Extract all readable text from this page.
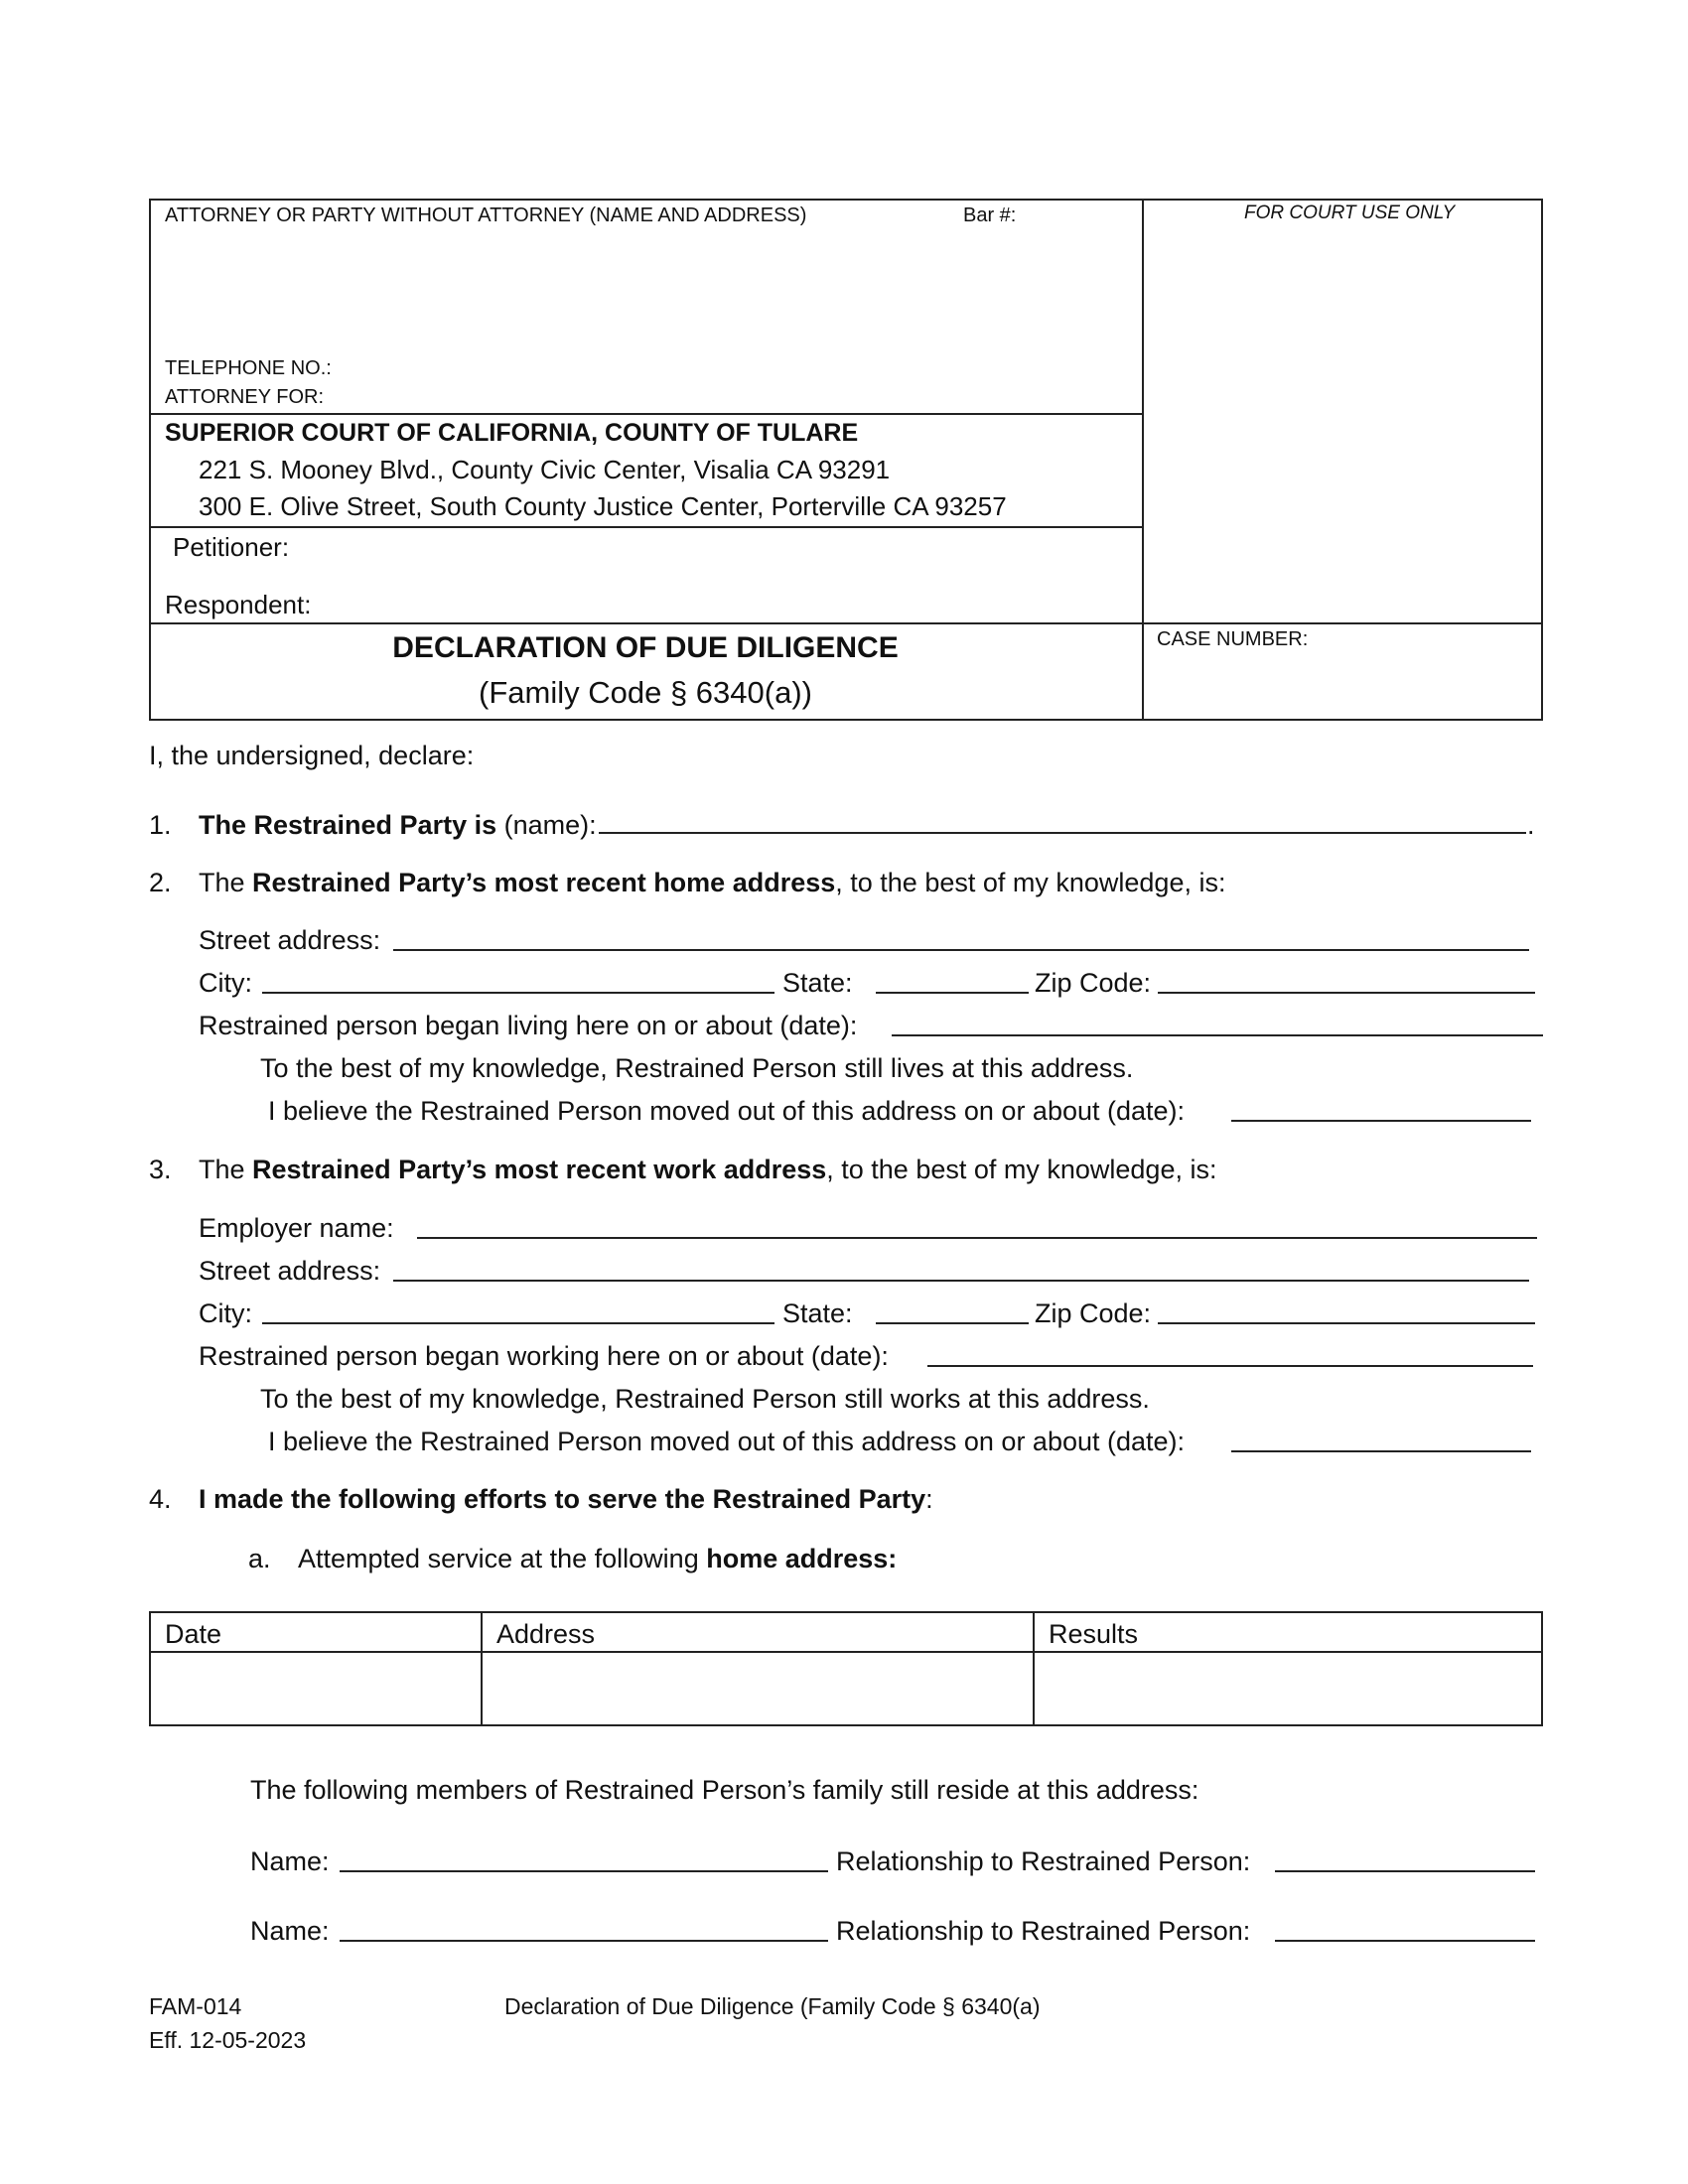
ATTORNEY OR PARTY WITHOUT ATTORNEY (NAME AND ADDRESS)	Bar #:	FOR COURT USE ONLY
TELEPHONE NO.:
ATTORNEY FOR:
SUPERIOR COURT OF CALIFORNIA, COUNTY OF TULARE
221 S. Mooney Blvd., County Civic Center, Visalia CA 93291
300 E. Olive Street, South County Justice Center, Porterville CA 93257
Petitioner:
Respondent:
DECLARATION OF DUE DILIGENCE
(Family Code § 6340(a))
CASE NUMBER:
I, the undersigned, declare:
1. The Restrained Party is (name):	.
2. The Restrained Party’s most recent home address, to the best of my knowledge, is:
Street address:
City:	State:	Zip Code:
Restrained person began living here on or about (date):
To the best of my knowledge, Restrained Person still lives at this address.
I believe the Restrained Person moved out of this address on or about (date):
3. The Restrained Party’s most recent work address, to the best of my knowledge, is:
Employer name:
Street address:
City:	State:	Zip Code:
Restrained person began working here on or about (date):
To the best of my knowledge, Restrained Person still works at this address.
I believe the Restrained Person moved out of this address on or about (date):
4. I made the following efforts to serve the Restrained Party:
a. Attempted service at the following home address:
Date	Address	Results
The following members of Restrained Person’s family still reside at this address:
Name:	Relationship to Restrained Person:
Name:	Relationship to Restrained Person:
FAM-014
Eff. 12-05-2023
Declaration of Due Diligence (Family Code § 6340(a)
